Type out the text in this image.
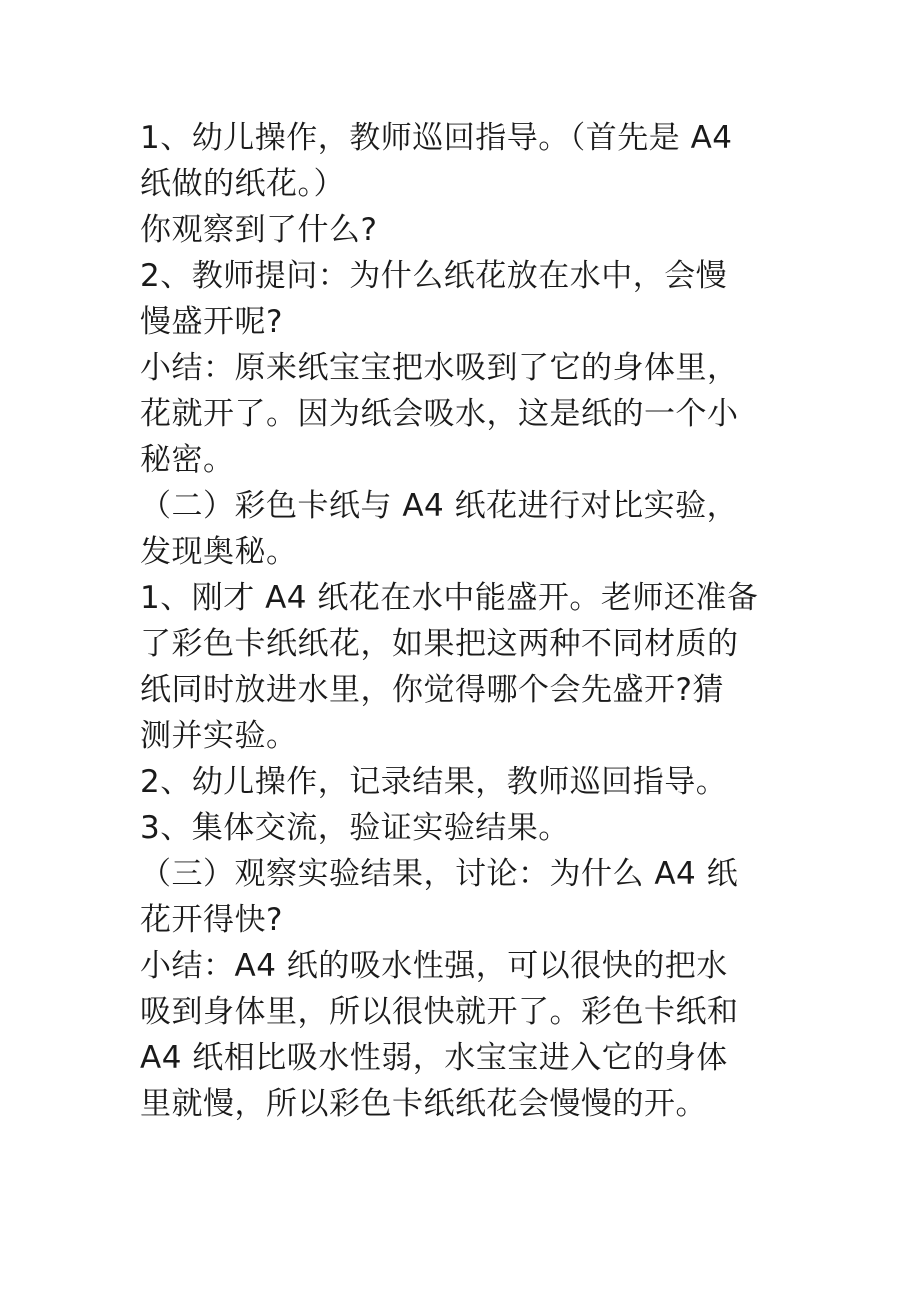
1、幼儿操作，教师巡回指导。（首先是 A4
纸做的纸花。）
你观察到了什么?
2、教师提问：为什么纸花放在水中，会慢
慢盛开呢?
小结：原来纸宝宝把水吸到了它的身体里，
花就开了。因为纸会吸水，这是纸的一个小
秘密。
（二）彩色卡纸与 A4 纸花进行对比实验，
发现奥秘。
1、刚才 A4 纸花在水中能盛开。老师还准备
了彩色卡纸纸花，如果把这两种不同材质的
纸同时放进水里，你觉得哪个会先盛开?猜
测并实验。
2、幼儿操作，记录结果，教师巡回指导。
3、集体交流，验证实验结果。
（三）观察实验结果，讨论：为什么 A4 纸
花开得快?
小结：A4 纸的吸水性强，可以很快的把水
吸到身体里，所以很快就开了。彩色卡纸和
A4 纸相比吸水性弱，水宝宝进入它的身体
里就慢，所以彩色卡纸纸花会慢慢的开。
